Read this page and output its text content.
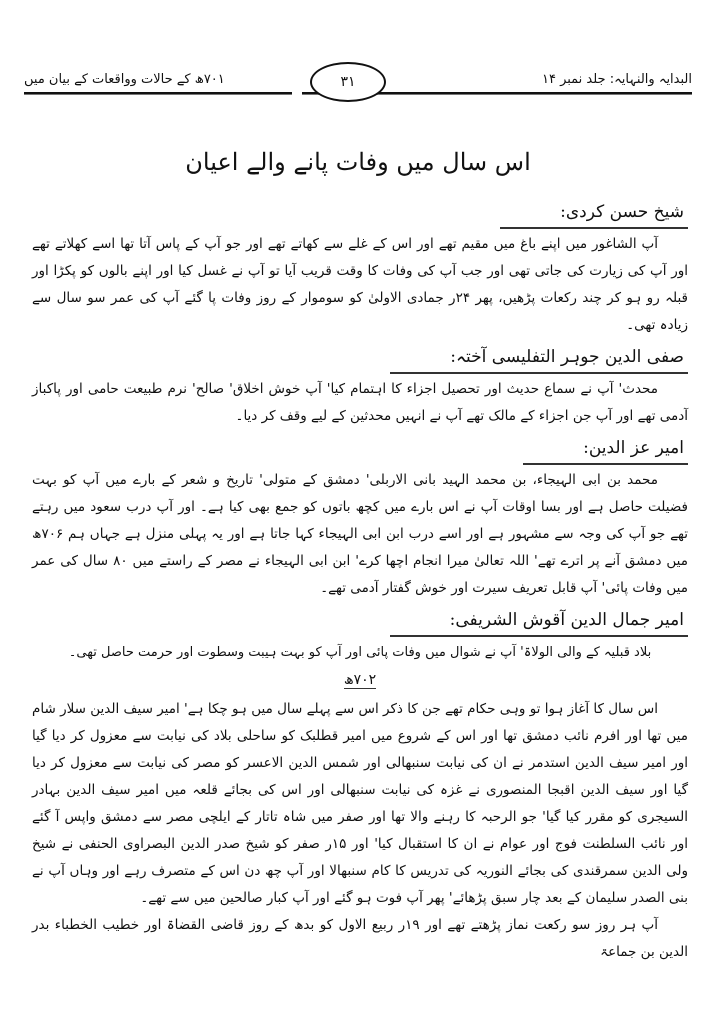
البدایہ والنہایہ: جلد نمبر ۱۴
۳۱
۷۰۱ھ کے حالات وواقعات کے بیان میں
اس سال میں وفات پانے والے اعیان
شیخ حسن کردی:

آپ الشاغور میں اپنے باغ میں مقیم تھے اور اس کے غلے سے کھاتے تھے اور جو آپ کے پاس آتا تھا اسے کھلاتے تھے اور آپ کی زیارت کی جاتی تھی اور جب آپ کی وفات کا وقت قریب آیا تو آپ نے غسل کیا اور اپنے بالوں کو پکڑا اور قبلہ رو ہو کر چند رکعات پڑھیں، پھر ۲۴ر جمادی الاولیٰ کو سوموار کے روز وفات پا گئے آپ کی عمر سو سال سے زیادہ تھی۔

صفی الدین جوہر التفلیسی آختہ:

محدث' آپ نے سماع حدیث اور تحصیل اجزاء کا اہتمام کیا' آپ خوش اخلاق' صالح' نرم طبیعت حامی اور پاکباز آدمی تھے اور آپ جن اجزاء کے مالک تھے آپ نے انہیں محدثین کے لیے وقف کر دیا۔

امیر عز الدین:

محمد بن ابی الہیجاء، بن محمد الہید بانی الاربلی' دمشق کے متولی' تاریخ و شعر کے بارے میں آپ کو بہت فضیلت حاصل ہے اور بسا اوقات آپ نے اس بارے میں کچھ باتوں کو جمع بھی کیا ہے۔ اور آپ درب سعود میں رہتے تھے جو آپ کی وجہ سے مشہور ہے اور اسے درب ابن ابی الہیجاء کہا جاتا ہے اور یہ پہلی منزل ہے جہاں ہم ۷۰۶ھ میں دمشق آنے پر اترے تھے' اللہ تعالیٰ میرا انجام اچھا کرے' ابن ابی الہیجاء نے مصر کے راستے میں ۸۰ سال کی عمر میں وفات پائی' آپ قابل تعریف سیرت اور خوش گفتار آدمی تھے۔

امیر جمال الدین آقوش الشریفی:

بلاد قبلیہ کے والی الولاۃ' آپ نے شوال میں وفات پائی اور آپ کو بہت ہیبت وسطوت اور حرمت حاصل تھی۔

۷۰۲ھ

اس سال کا آغاز ہوا تو وہی حکام تھے جن کا ذکر اس سے پہلے سال میں ہو چکا ہے' امیر سیف الدین سلار شام میں تھا اور افرم نائب دمشق تھا اور اس کے شروع میں امیر قطلبک کو ساحلی بلاد کی نیابت سے معزول کر دیا گیا اور امیر سیف الدین استدمر نے ان کی نیابت سنبھالی اور شمس الدین الاعسر کو مصر کی نیابت سے معزول کر دیا گیا اور سیف الدین اقبجا المنصوری نے غزہ کی نیابت سنبھالی اور اس کی بجائے قلعہ میں امیر سیف الدین بہادر السیجری کو مقرر کیا گیا' جو الرحبہ کا رہنے والا تھا اور صفر میں شاہ تاتار کے ایلچی مصر سے دمشق واپس آ گئے اور نائب السلطنت فوج اور عوام نے ان کا استقبال کیا' اور ۱۵ر صفر کو شیخ صدر الدین البصراوی الحنفی نے شیخ ولی الدین سمرقندی کی بجائے النوریہ کی تدریس کا کام سنبھالا اور آپ چھ دن اس کے متصرف رہے اور وہاں آپ نے بنی الصدر سلیمان کے بعد چار سبق پڑھائے' پھر آپ فوت ہو گئے اور آپ کبار صالحین میں سے تھے۔

آپ ہر روز سو رکعت نماز پڑھتے تھے اور ۱۹ر ربیع الاول کو بدھ کے روز قاضی القضاۃ اور خطیب الخطباء بدر الدین بن جماعۃ
